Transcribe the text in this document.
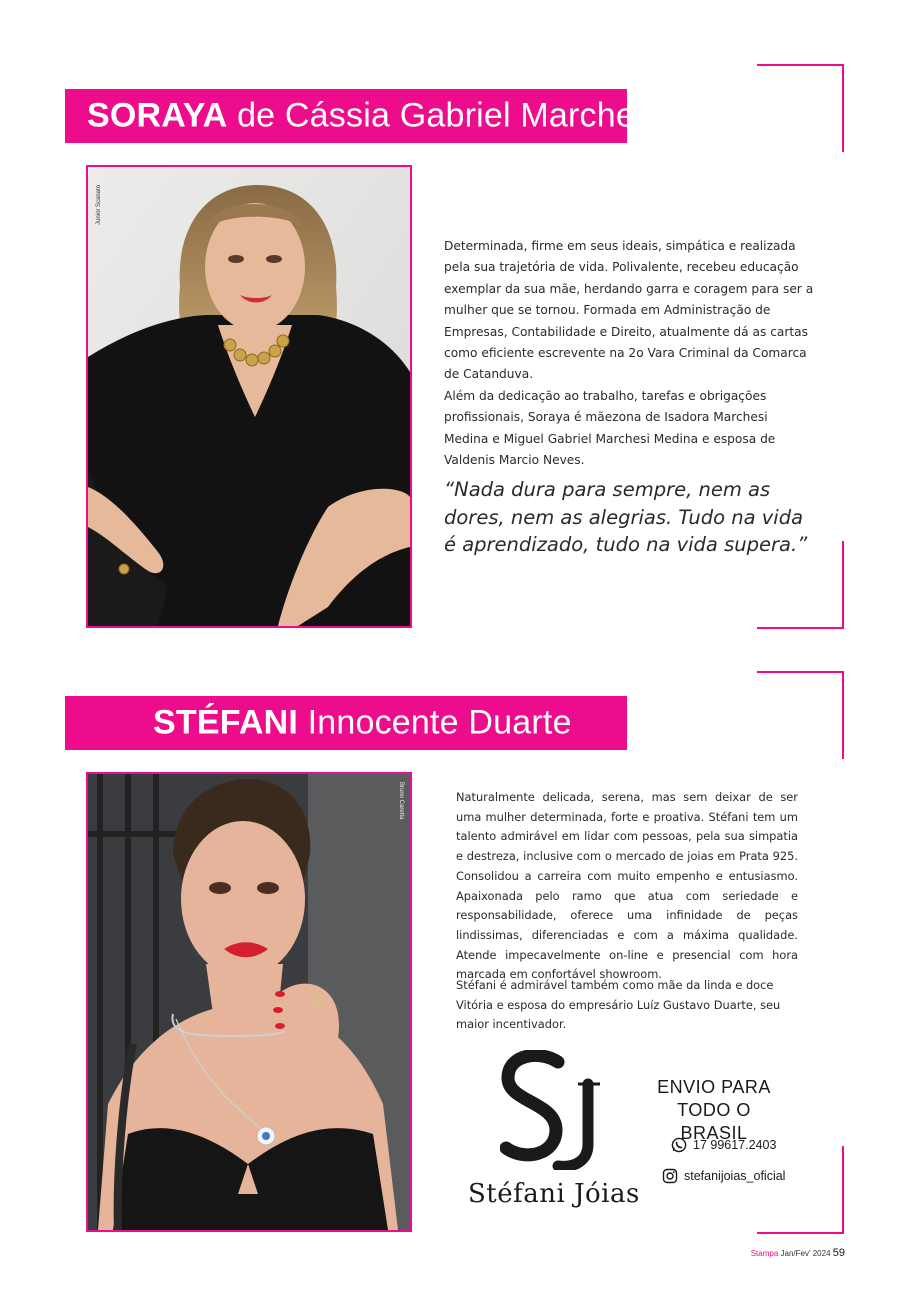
SORAYA de Cássia Gabriel Marchesi
Junior Scanato
Determinada, firme em seus ideais, simpática e realizada pela sua trajetória de vida. Polivalente, recebeu educação exemplar da sua mãe, herdando garra e coragem para ser a mulher que se tornou. Formada em Administração de Empresas, Contabilidade e Direito, atualmente dá as cartas como eficiente escrevente na 2o Vara Criminal da Comarca de Catanduva.
Além da dedicação ao trabalho, tarefas e obrigações profissionais, Soraya é mãezona de Isadora Marchesi Medina e Miguel Gabriel Marchesi Medina e esposa de Valdenis Marcio Neves.
“Nada dura para sempre, nem as dores, nem as alegrias. Tudo na vida é aprendizado, tudo na vida supera.”
STÉFANI Innocente Duarte
Bruno Caretta	Naturalmente delicada, serena, mas sem deixar de ser uma mulher determinada, forte e proativa. Stéfani tem um talento admirável em lidar com pessoas, pela sua simpatia e destreza, inclusive com o mercado de joias em Prata 925. Consolidou a carreira com muito empenho e entusiasmo. Apaixonada pelo ramo que atua com seriedade e responsabilidade, oferece uma infinidade de peças lindissimas, diferenciadas e com a máxima qualidade. Atende impecavelmente on-line e presencial com hora marcada em confortável showroom.
Stéfani é admirável também como mãe da linda e doce Vitória e esposa do empresário Luíz Gustavo Duarte, seu maior incentivador.
Stéfani Jóias
ENVIO PARA
TODO O BRASIL
17 99617.2403
stefanijoias_oficial
Stampa Jan/Fev' 2024 59
